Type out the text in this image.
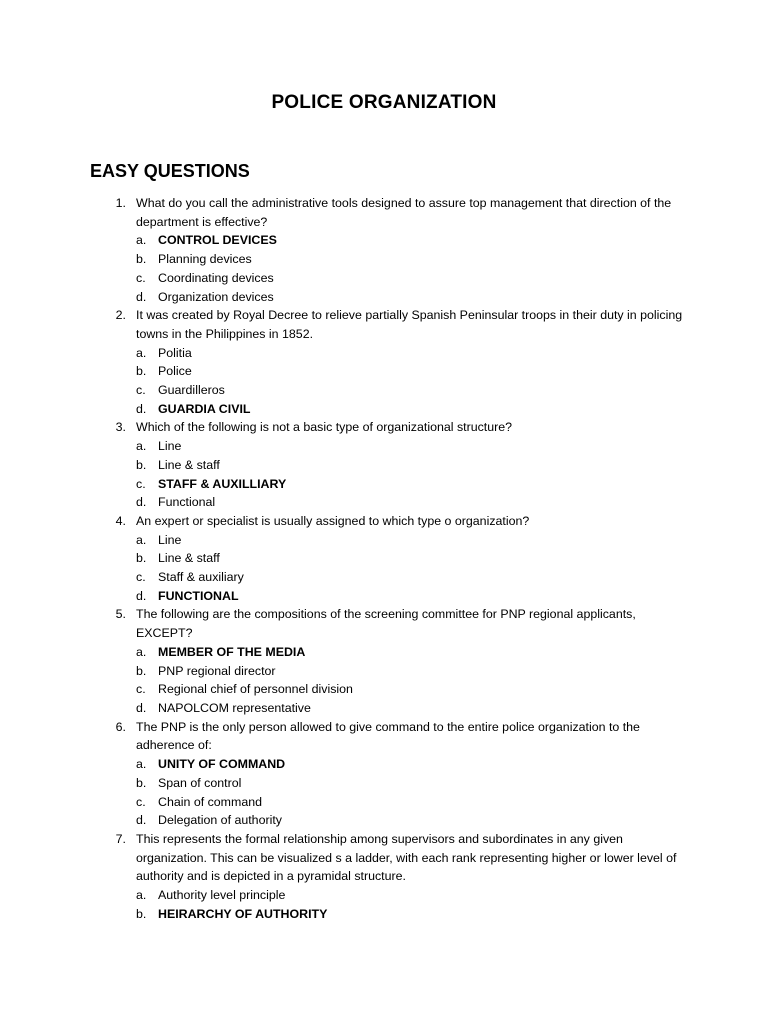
POLICE ORGANIZATION
EASY QUESTIONS
1. What do you call the administrative tools designed to assure top management that direction of the department is effective?
a. CONTROL DEVICES
b. Planning devices
c. Coordinating devices
d. Organization devices
2. It was created by Royal Decree to relieve partially Spanish Peninsular troops in their duty in policing towns in the Philippines in 1852.
a. Politia
b. Police
c. Guardilleros
d. GUARDIA CIVIL
3. Which of the following is not a basic type of organizational structure?
a. Line
b. Line & staff
c. STAFF & AUXILLIARY
d. Functional
4. An expert or specialist is usually assigned to which type o organization?
a. Line
b. Line & staff
c. Staff & auxiliary
d. FUNCTIONAL
5. The following are the compositions of the screening committee for PNP regional applicants, EXCEPT?
a. MEMBER OF THE MEDIA
b. PNP regional director
c. Regional chief of personnel division
d. NAPOLCOM representative
6. The PNP is the only person allowed to give command to the entire police organization to the adherence of:
a. UNITY OF COMMAND
b. Span of control
c. Chain of command
d. Delegation of authority
7. This represents the formal relationship among supervisors and subordinates in any given organization. This can be visualized s a ladder, with each rank representing higher or lower level of authority and is depicted in a pyramidal structure.
a. Authority level principle
b. HEIRARCHY OF AUTHORITY
